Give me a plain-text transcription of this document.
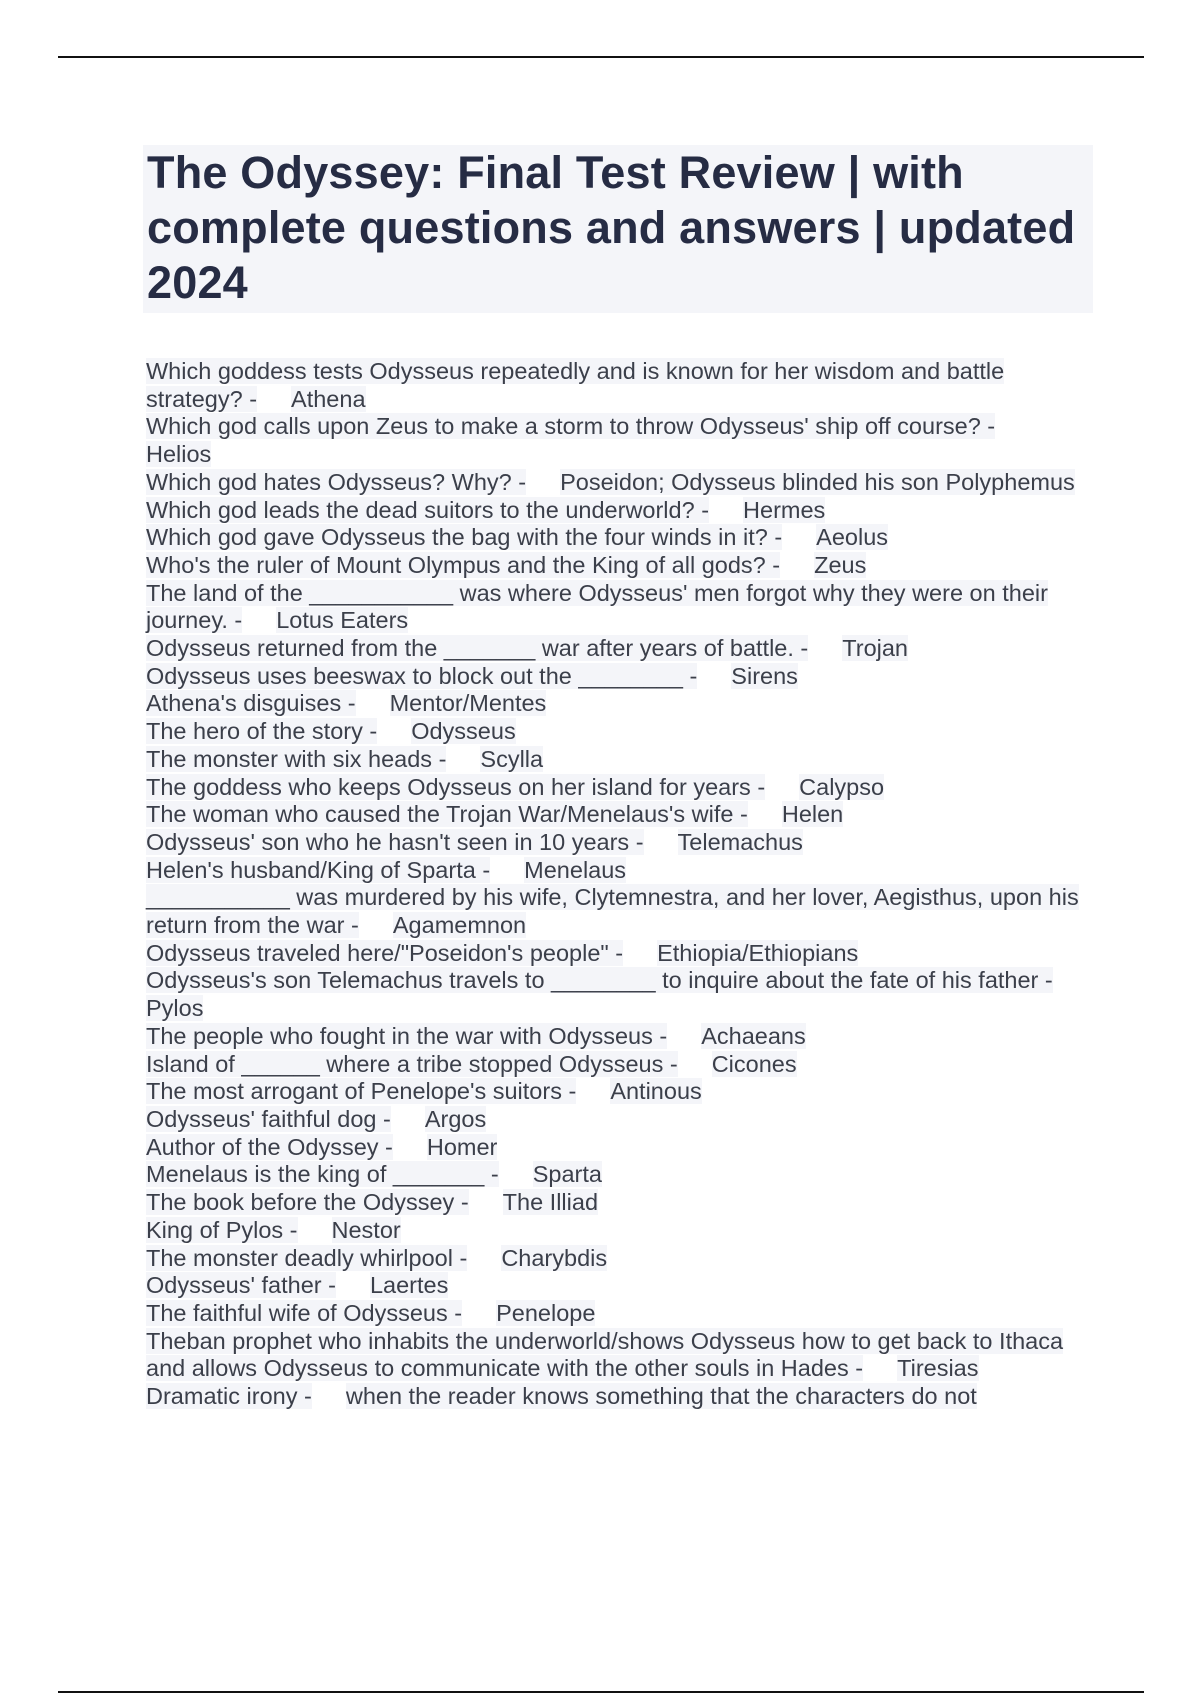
The Odyssey: Final Test Review | with complete questions and answers | updated 2024
Which goddess tests Odysseus repeatedly and is known for her wisdom and battle strategy? - Athena
Which god calls upon Zeus to make a storm to throw Odysseus' ship off course? -Helios
Which god hates Odysseus? Why? - Poseidon; Odysseus blinded his son Polyphemus
Which god leads the dead suitors to the underworld? - Hermes
Which god gave Odysseus the bag with the four winds in it? - Aeolus
Who's the ruler of Mount Olympus and the King of all gods? - Zeus
The land of the ___________ was where Odysseus' men forgot why they were on their journey. - Lotus Eaters
Odysseus returned from the _______ war after years of battle. - Trojan
Odysseus uses beeswax to block out the ________ - Sirens
Athena's disguises - Mentor/Mentes
The hero of the story - Odysseus
The monster with six heads - Scylla
The goddess who keeps Odysseus on her island for years - Calypso
The woman who caused the Trojan War/Menelaus's wife - Helen
Odysseus' son who he hasn't seen in 10 years - Telemachus
Helen's husband/King of Sparta - Menelaus
___________ was murdered by his wife, Clytemnestra, and her lover, Aegisthus, upon his return from the war - Agamemnon
Odysseus traveled here/"Poseidon's people" - Ethiopia/Ethiopians
Odysseus's son Telemachus travels to ________ to inquire about the fate of his father -Pylos
The people who fought in the war with Odysseus - Achaeans
Island of ______ where a tribe stopped Odysseus - Cicones
The most arrogant of Penelope's suitors - Antinous
Odysseus' faithful dog - Argos
Author of the Odyssey - Homer
Menelaus is the king of _______ - Sparta
The book before the Odyssey - The Illiad
King of Pylos - Nestor
The monster deadly whirlpool - Charybdis
Odysseus' father - Laertes
The faithful wife of Odysseus - Penelope
Theban prophet who inhabits the underworld/shows Odysseus how to get back to Ithaca and allows Odysseus to communicate with the other souls in Hades - Tiresias
Dramatic irony - when the reader knows something that the characters do not
